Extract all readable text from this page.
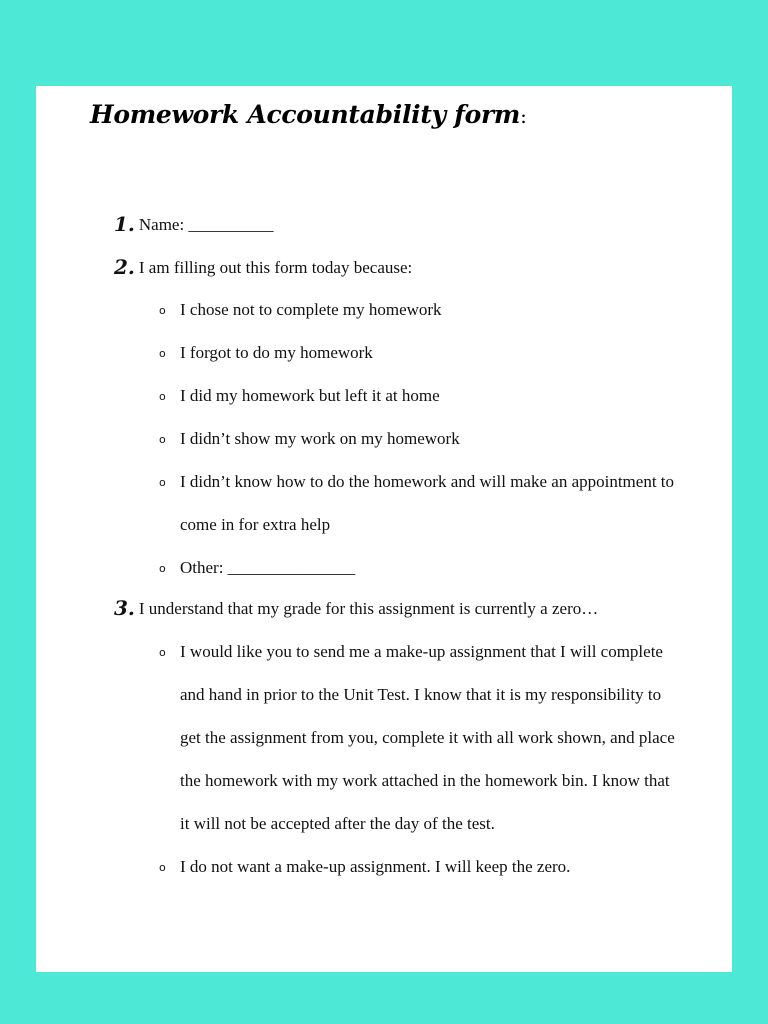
Homework Accountability form:
1. Name: __________
2. I am filling out this form today because:
o I chose not to complete my homework
o I forgot to do my homework
o I did my homework but left it at home
o I didn’t show my work on my homework
o I didn’t know how to do the homework and will make an appointment to come in for extra help
o Other: _______________
3. I understand that my grade for this assignment is currently a zero…
o I would like you to send me a make-up assignment that I will complete and hand in prior to the Unit Test. I know that it is my responsibility to get the assignment from you, complete it with all work shown, and place the homework with my work attached in the homework bin. I know that it will not be accepted after the day of the test.
o I do not want a make-up assignment. I will keep the zero.
